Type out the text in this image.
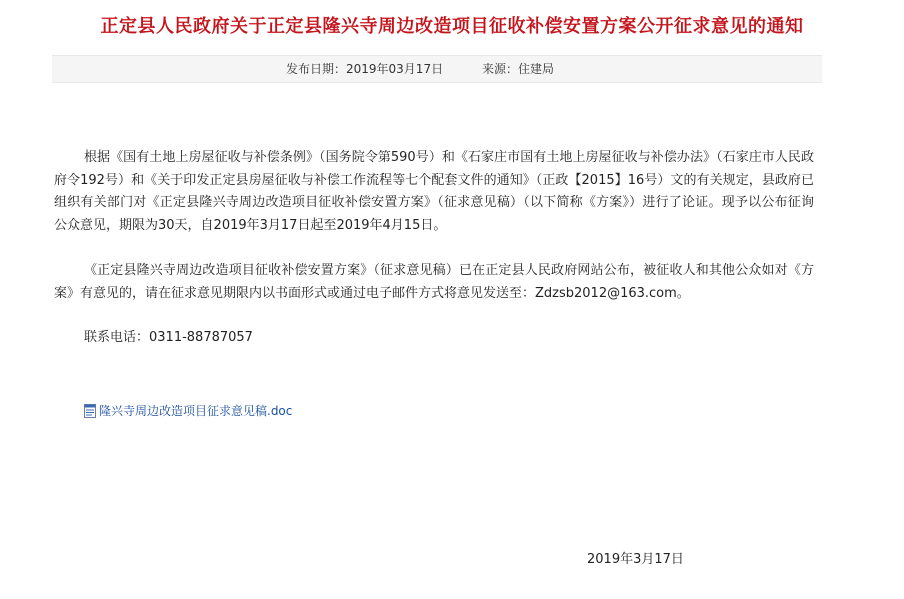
正定县人民政府关于正定县隆兴寺周边改造项目征收补偿安置方案公开征求意见的通知
发布日期：2019年03月17日	来源：住建局

根据《国有土地上房屋征收与补偿条例》（国务院令第590号）和《石家庄市国有土地上房屋征收与补偿办法》（石家庄市人民政府令192号）和《关于印发正定县房屋征收与补偿工作流程等七个配套文件的通知》（正政【2015】16号）文的有关规定，县政府已组织有关部门对《正定县隆兴寺周边改造项目征收补偿安置方案》（征求意见稿）（以下简称《方案》）进行了论证。现予以公布征询公众意见，期限为30天，自2019年3月17日起至2019年4月15日。

《正定县隆兴寺周边改造项目征收补偿安置方案》（征求意见稿）已在正定县人民政府网站公布，被征收人和其他公众如对《方案》有意见的，请在征求意见期限内以书面形式或通过电子邮件方式将意见发送至：Zdzsb2012@163.com。

联系电话：0311-88787057
隆兴寺周边改造项目征求意见稿.doc
2019年3月17日
